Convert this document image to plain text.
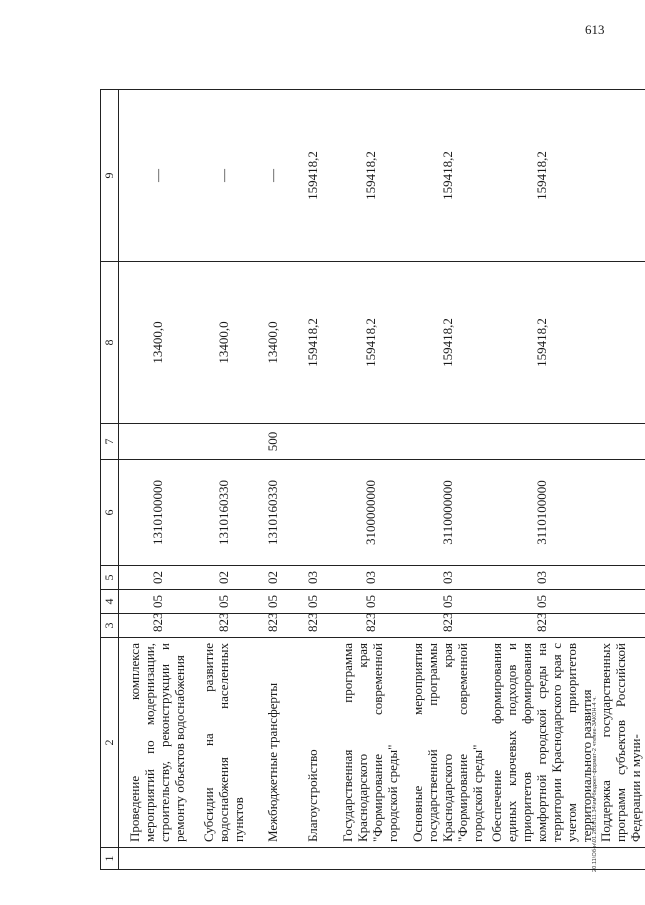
613
20.11\Об-н\01.2018\11.34\им-бюджет-формат-2 чтение-ЗАКОН-4 ч.
1	2	3	4	5	6	7	8	9
	Проведение комплекса мероприятий по модернизации, строительству, реконструкции и ремонту объектов водоснабжения	823	05	02	1310100000		13400,0	—
	Субсидии на развитие водоснабжения населенных пунктов	823	05	02	1310160330		13400,0	—
	Межбюджетные трансферты	823	05	02	1310160330	500	13400,0	—
	Благоустройство	823	05	03			159418,2	159418,2
	Государственная программа Краснодарского края "Формирование современной городской среды"	823	05	03	3100000000		159418,2	159418,2
	Основные мероприятия государственной программы Краснодарского края "Формирование современной городской среды"	823	05	03	3110000000		159418,2	159418,2
	Обеспечение формирования единых ключевых подходов и приоритетов формирования комфортной городской среды на территории Краснодарского края с учетом приоритетов территориального развития	823	05	03	3110100000		159418,2	159418,2
	Поддержка государственных программ субъектов Российской Федерации и муни-							
